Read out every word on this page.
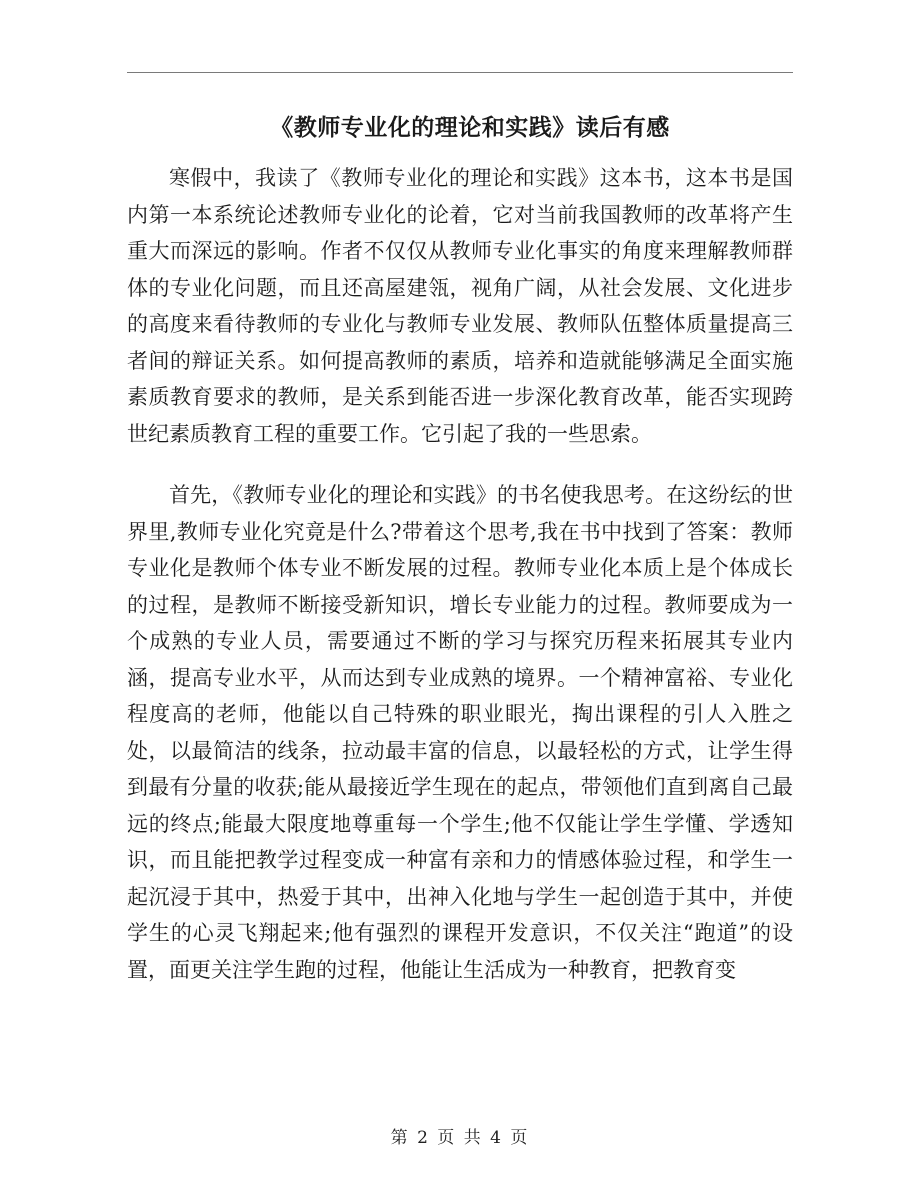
《教师专业化的理论和实践》读后有感

寒假中，我读了《教师专业化的理论和实践》这本书，这本书是国内第一本系统论述教师专业化的论着，它对当前我国教师的改革将产生重大而深远的影响。作者不仅仅从教师专业化事实的角度来理解教师群体的专业化问题，而且还高屋建瓴，视角广阔，从社会发展、文化进步的高度来看待教师的专业化与教师专业发展、教师队伍整体质量提高三者间的辩证关系。如何提高教师的素质，培养和造就能够满足全面实施素质教育要求的教师，是关系到能否进一步深化教育改革，能否实现跨世纪素质教育工程的重要工作。它引起了我的一些思索。

首先，《教师专业化的理论和实践》的书名使我思考。在这纷纭的世界里,教师专业化究竟是什么?带着这个思考,我在书中找到了答案：教师专业化是教师个体专业不断发展的过程。教师专业化本质上是个体成长的过程，是教师不断接受新知识，增长专业能力的过程。教师要成为一个成熟的专业人员，需要通过不断的学习与探究历程来拓展其专业内涵，提高专业水平，从而达到专业成熟的境界。一个精神富裕、专业化程度高的老师，他能以自己特殊的职业眼光，掏出课程的引人入胜之处，以最简洁的线条，拉动最丰富的信息，以最轻松的方式，让学生得到最有分量的收获;能从最接近学生现在的起点，带领他们直到离自己最远的终点;能最大限度地尊重每一个学生;他不仅能让学生学懂、学透知识，而且能把教学过程变成一种富有亲和力的情感体验过程，和学生一起沉浸于其中，热爱于其中，出神入化地与学生一起创造于其中，并使学生的心灵飞翔起来;他有强烈的课程开发意识，不仅关注“跑道”的设置，面更关注学生跑的过程，他能让生活成为一种教育，把教育变

第 2 页 共 4 页
